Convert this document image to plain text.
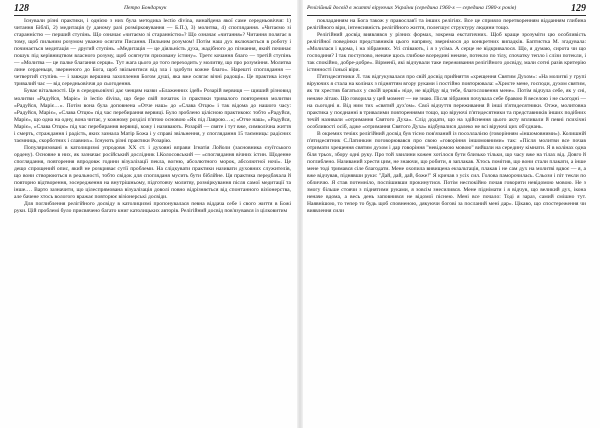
128	Петро Бондарчук

Існували різні практики, і однією з них була методика lectio divina, винайдена якої саме середньовіччя: 1) читання Біблії, 2) медитація (у даному разі розмірковування — Б.П.), 3) молитва, 4) споглядання. «Читаємо зі старанністю — перший ступінь. Що означає «читаємо зі старанністю»? Що означає «читання»? Читання полягає в тому, щоб пильним розумом уважно осягати Писання. Пильним розумом! Потім наш дух включається в роботу і починається медитація — другий ступінь. «Медитація — це діяльність духа, жадібного до пізнання, який починає пошук під керівництвом власного розуму, щоб осягнути приховану істину». Третє кочання благо — третій ступінь — «Молитва — це палке благання серця». Тут жага цього до того переходить у молитву, що про розуміння. Молитва лине серденьця, зверненого до Бога, щоб звільнитися від зла і здобути кожне благо». Нарешті споглядання — четвертий ступінь — і завжди вершина захоплення Богом душі, яка вже осягає вічні радощі». Це практика існує тривалий час — від середньовіччя до сьогодення.

Буває вітальності. Це в середньовіччі дає ченцям назви «Блаженних ідей» Розарій вервиця — щиший різновид молитви «Радуйся, Маріє» із lectio divina, що бере свій початок із практики тривалого повторення молитви «Радуйся, Маріє…». Потім вона була доповнена «Отче наш» до «Слава Отцю» і так відома до нашого часу: «Радуйся, Маріє», «Слава Отцю» під час перебирання вервиці. Було зроблено цілісною практикою: тобто «Радуйся, Маріє», що одна на одну, вона читає, у кожному розділі п'ятою основою «Як під Лаврою…»; «Отче наш», «Радуйся, Маріє», «Слава Отцю» під час перебирання вервиці, кожу і називають. Розарій — святе і тут вже, символічна життя і смерть, страждання і радість, яких зазнала Матір Божа і у справі звільнення, у споглядання 15 таємниць: радісних таємниць, скорботних і славних». Існують різні практики Розарію.

Популяризовані в католицизмі упродовж XX ст. і духовні вправи Ігнатія Лойоли (засновника єзуїтського ордену). Основне в них, як зазначає російський дослідник І.Колосовський — «споглядання вічних істин. Щоденне споглядання, повторення впродовж години візуалізації пекла, вогню, абсолютного морок, абсолютної ночі». Це дещо спрощений опис, який не розкриває сутії проблеми. На слідкувати практики називати духовних служителів, що вони створюються в реальності, тобто свідок для спогляданя мусить бути біблійне. Ця практика передбачала й повторно відтворення, зосередження на внутрішньому, підготовчу молитву, розміркування після самої медитації та інше.… Варто зазначити, що цілеспрямована візуалізація доволі повно відрізняється від спонтанного візіонерства, але бачене хтось вологого вражає повторює візіонерські досвіди.

Для поглиблення релігійного досвіду в католицизмі пропонувалася певна віддача себе і свого життя в Божі руки. Цій проблемі було присвячено багато книг католицьких авторів. Релігійний досвід пов'язувався із цілковитим

Релігійний досвід в житті віруючих України (середина 1960-х — середина 1980-х років)	129

покладанням на Бога також у православ'ї та інших релігіях. Все це сприяло перетворенням відданням глибина релігійного віри, інтенсивність релігійного життя, полегшує структуру людини тощо.

Релігійний досвід виявлявся у різних формах, зокрема екстатичних. Щоб краще зрозуміти цю особливість релігійної поведінки представників цього напряму, звернімося до конкретних випадків. Баптистка М. згадувала: «Молилася і вдома, і на зібраннях. Усі співають, і я з усіма. А серце не відкривалося. Що, я думаю, сирота чи що господиня? І так поступово, неначе щось глибоке всередині неначе, потекло по тілу, спочатку тепло і слізи потекли, і так спокійно, добре-добре». Вірменії, які відчували таке переживання релігійного досвіду, мали сотні разів критерію істинності їхньої віри.

П'ятидесятники Л. так відгукувалася про свій досвід прийняття «хрещення Святим Духом»: «На молитві у групі віруючих я стала на колінах з підняттям вгору руками і постійно повторювала: «Христе мене, господи, духом святим, як ти хрестив багатьох у своїй церкві» ніде, не відійду від тебе, благословення мене». Потім відчула себе, як у сні, неначе літаю. Що говорила у цей момент — не знаю. Після зібрання почувала себе бравою й веселою і не сьогодні — на сьогодні я. Від ним тих «святий дух'ом». Свої відчуття переживання й інші п'ятидесятники. Отже, молитовна практика у поєднанні в тривалими повтореннями тощо, що віруючі п'ятидесятники та представників інших подібних течій називали «отримання Святого Духа». Слід додати, що на здійснення цього акту впливали й певні психічні особливості осіб, адже «отримання Святого Духа» відбувалися далеко не всі віруючі цих об'єднань.

В окремих течіях релігійний досвід був тісно пов'язаний із посоллалією (говорінням «іншомовними»). Колишній п'ятидесятник С.Латинкин поговорювався про свою «говоріння іншомовними» так: «Після молитви все почав отримати хрещення святим духом і дар говоріння "невідомою мовою" вийшли на середину кімнати. Я в колінах одна біля трьох, збору одні руку. Про той хвилини кожен хотілося бути близько тільки, що часу вже на тілах від. Довго й поглиблено. Називаний хрестя цим, не знаючи, що робити, я заплакав. Хтось помітив, що вони стали плакати, а інше мене тоді тримався сіле благодати. Мене охопила вивищена екзальтація, плакав і не сам дух на молитві вдвоє — я, а вже відчував, піднявши руки: "Дай, дай, дай, боже!" Я кричав з усіх сил. Голова паморочилась. Сльози і піт текли по обличчю. Я став потемніло, поспішивши прокинутися. Потім неспокійно почав говорити невідомою мовою. Не з змогу більше стоячи з піднятими руками, я зовсім знесилився. Мене піднімати і я відчув, що великий дух, ікона неначе вдома, а весь день заповнився не відомої піснею. Мені все почало: Тоді я зараз, самий смішно тут. Наявнішою, то тепер то будь щоб сповненою, дякуючи богові за посланий мені дар». Цікаво, що спостереження чи виявлення сили
